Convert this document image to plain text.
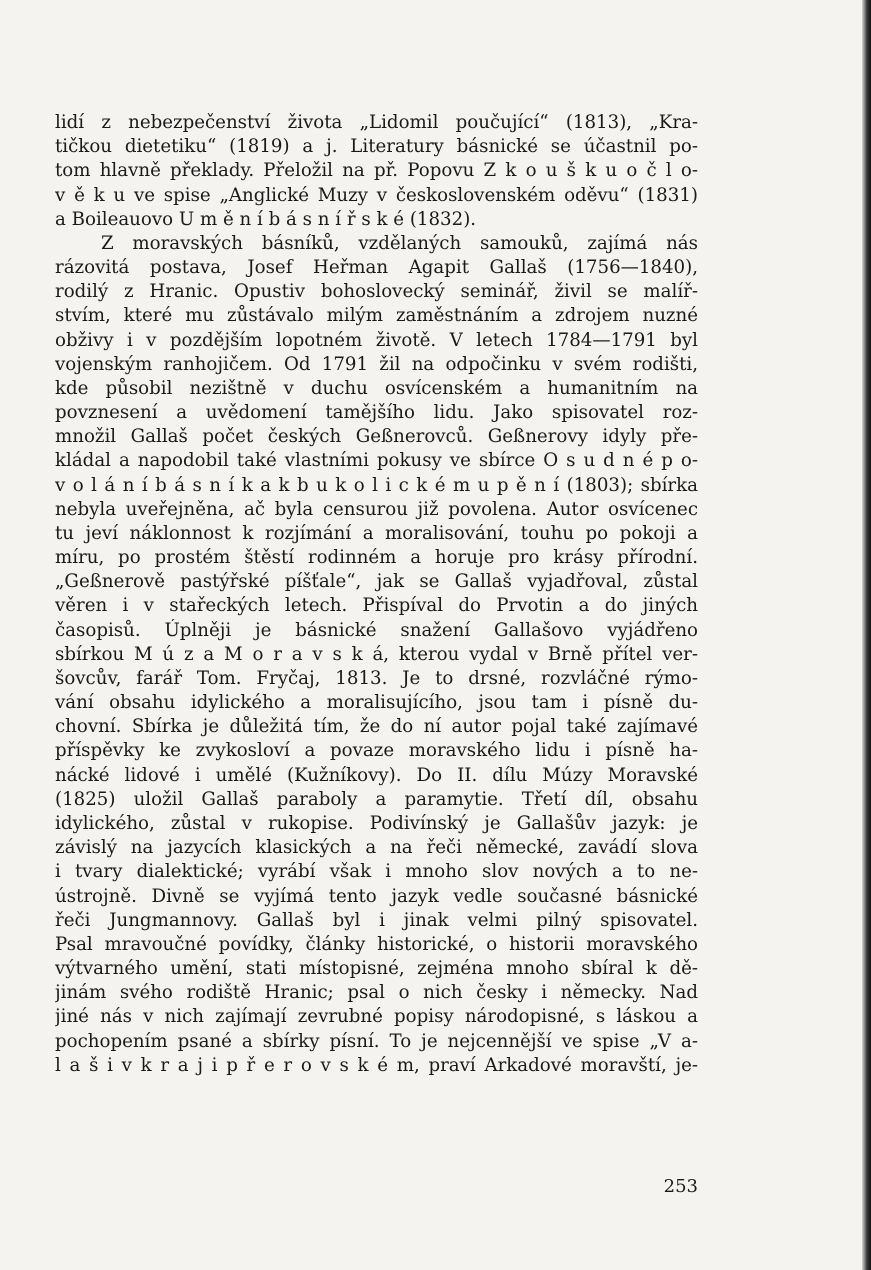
lidí z nebezpečenství života „Lidomil poučující“ (1813), „Kra-
tičkou dietetiku“ (1819) a j. Literatury básnické se účastnil po-
tom hlavně překlady. Přeložil na př. Popovu Z k o u š k u o č l o-
v ě k u ve spise „Anglické Muzy v československém oděvu“ (1831)
a Boileauovo U m ě n í b á s n í ř s k é (1832).
Z moravských básníků, vzdělaných samouků, zajímá nás
rázovitá postava, Josef Heřman Agapit Gallaš (1756—1840),
rodilý z Hranic. Opustiv bohoslovecký seminář, živil se malíř-
stvím, které mu zůstávalo milým zaměstnáním a zdrojem nuzné
obživy i v pozdějším lopotném životě. V letech 1784—1791 byl
vojenským ranhojičem. Od 1791 žil na odpočinku v svém rodišti,
kde působil nezištně v duchu osvícenském a humanitním na
povznesení a uvědomení tamějšího lidu. Jako spisovatel roz-
množil Gallaš počet českých Geßnerovců. Geßnerovy idyly pře-
kládal a napodobil také vlastními pokusy ve sbírce O s u d n é p o-
v o l á n í b á s n í k a k b u k o l i c k é m u p ě n í (1803); sbírka
nebyla uveřejněna, ač byla censurou již povolena. Autor osvícenec
tu jeví náklonnost k rozjímání a moralisování, touhu po pokoji a
míru, po prostém štěstí rodinném a horuje pro krásy přírodní.
„Geßnerově pastýřské píšťale“, jak se Gallaš vyjadřoval, zůstal
věren i v stařeckých letech. Přispíval do Prvotin a do jiných
časopisů. Úplněji je básnické snažení Gallašovo vyjádřeno
sbírkou M ú z a M o r a v s k á, kterou vydal v Brně přítel ver-
šovcův, farář Tom. Fryčaj, 1813. Je to drsné, rozvláčné rýmo-
vání obsahu idylického a moralisujícího, jsou tam i písně du-
chovní. Sbírka je důležitá tím, že do ní autor pojal také zajímavé
příspěvky ke zvykosloví a povaze moravského lidu i písně ha-
nácké lidové i umělé (Kužníkovy). Do II. dílu Múzy Moravské
(1825) uložil Gallaš paraboly a paramytie. Třetí díl, obsahu
idylického, zůstal v rukopise. Podivínský je Gallašův jazyk: je
závislý na jazycích klasických a na řeči německé, zavádí slova
i tvary dialektické; vyrábí však i mnoho slov nových a to ne-
ústrojně. Divně se vyjímá tento jazyk vedle současné básnické
řeči Jungmannovy. Gallaš byl i jinak velmi pilný spisovatel.
Psal mravoučné povídky, články historické, o historii moravského
výtvarného umění, stati místopisné, zejména mnoho sbíral k dě-
jinám svého rodiště Hranic; psal o nich česky i německy. Nad
jiné nás v nich zajímají zevrubné popisy národopisné, s láskou a
pochopením psané a sbírky písní. To je nejcennější ve spise „V a-
l a š i v k r a j i p ř e r o v s k é m, praví Arkadové moravští, je-
253
